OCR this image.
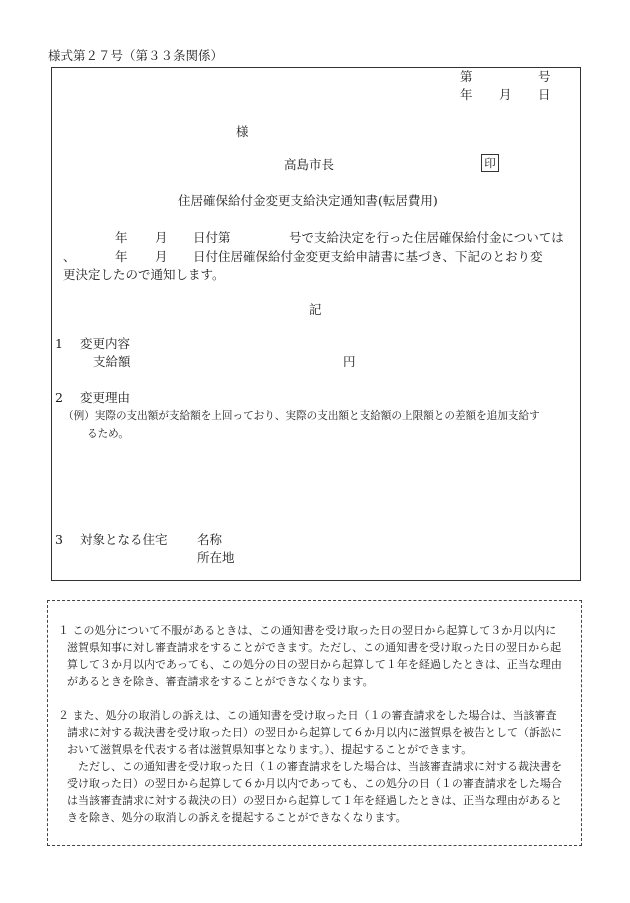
様式第２７号（第３３条関係）
第	号
年 月 日
様
高島市長	印
住居確保給付金変更支給決定通知書(転居費用)
年 月 日付第	号で支給決定を行った住居確保給付金については
、	年 月 日付住居確保給付金変更支給申請書に基づき、下記のとおり変
更決定したので通知します。
記
1 変更内容
支給額	円
2 変更理由
（例）実際の支出額が支給額を上回っており、実際の支出額と支給額の上限額との差額を追加支給す
るため。
3 対象となる住宅 名称
所在地
１ この処分について不服があるときは、この通知書を受け取った日の翌日から起算して３か月以内に
滋賀県知事に対し審査請求をすることができます。ただし、この通知書を受け取った日の翌日から起
算して３か月以内であっても、この処分の日の翌日から起算して１年を経過したときは、正当な理由
があるときを除き、審査請求をすることができなくなります。
２ また、処分の取消しの訴えは、この通知書を受け取った日（１の審査請求をした場合は、当該審査
請求に対する裁決書を受け取った日）の翌日から起算して６か月以内に滋賀県を被告として（訴訟に
おいて滋賀県を代表する者は滋賀県知事となります。）、提起することができます。
ただし、この通知書を受け取った日（１の審査請求をした場合は、当該審査請求に対する裁決書を
受け取った日）の翌日から起算して６か月以内であっても、この処分の日（１の審査請求をした場合
は当該審査請求に対する裁決の日）の翌日から起算して１年を経過したときは、正当な理由があると
きを除き、処分の取消しの訴えを提起することができなくなります。
